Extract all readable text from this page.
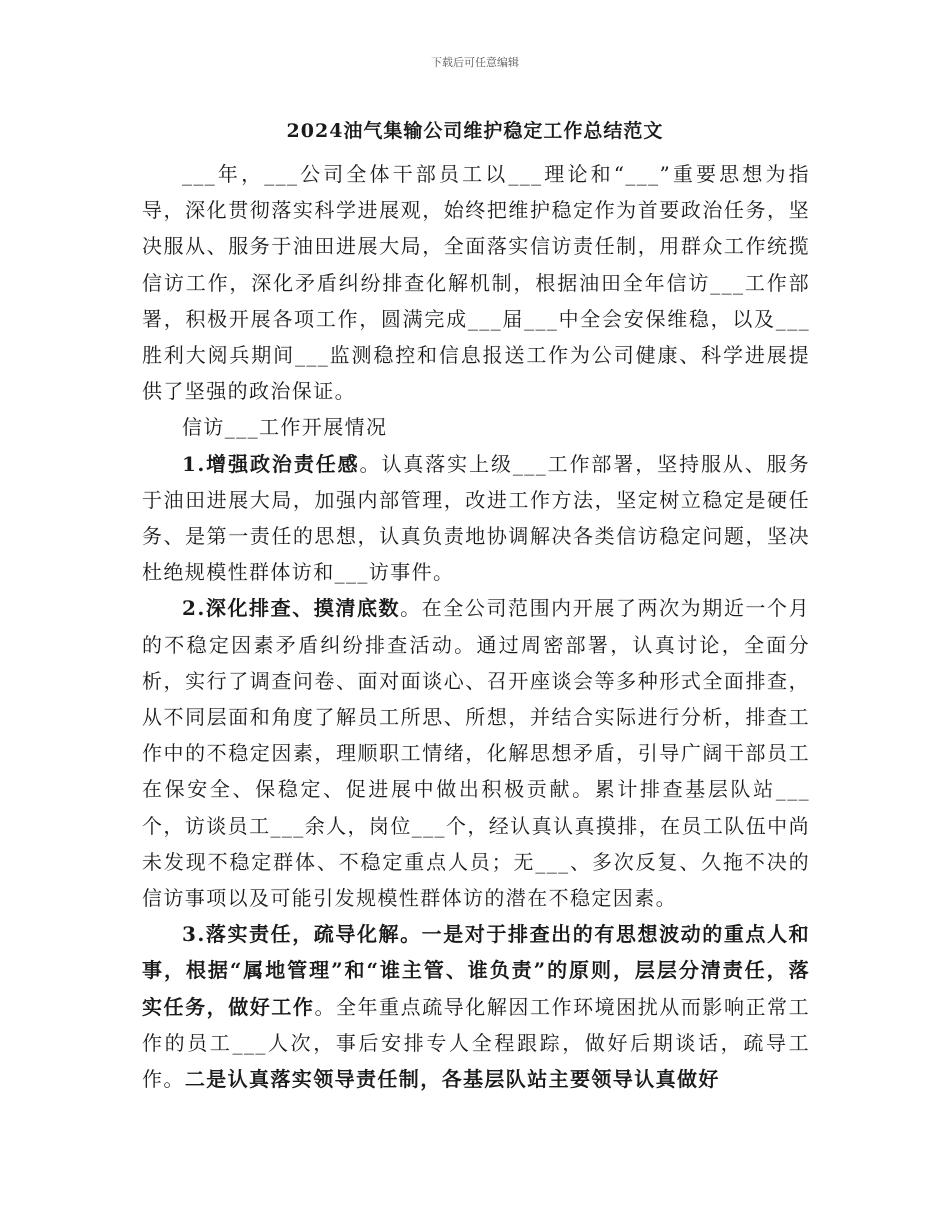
下载后可任意编辑
2024油气集输公司维护稳定工作总结范文

___年，___公司全体干部员工以___理论和“___”重要思想为指导，深化贯彻落实科学进展观，始终把维护稳定作为首要政治任务，坚决服从、服务于油田进展大局，全面落实信访责任制，用群众工作统揽信访工作，深化矛盾纠纷排查化解机制，根据油田全年信访___工作部署，积极开展各项工作，圆满完成___届___中全会安保维稳，以及___胜利大阅兵期间___监测稳控和信息报送工作为公司健康、科学进展提供了坚强的政治保证。

信访___工作开展情况

1.增强政治责任感。认真落实上级___工作部署，坚持服从、服务于油田进展大局，加强内部管理，改进工作方法，坚定树立稳定是硬任务、是第一责任的思想，认真负责地协调解决各类信访稳定问题，坚决杜绝规模性群体访和___访事件。

2.深化排查、摸清底数。在全公司范围内开展了两次为期近一个月的不稳定因素矛盾纠纷排查活动。通过周密部署，认真讨论，全面分析，实行了调查问卷、面对面谈心、召开座谈会等多种形式全面排查，从不同层面和角度了解员工所思、所想，并结合实际进行分析，排查工作中的不稳定因素，理顺职工情绪，化解思想矛盾，引导广阔干部员工在保安全、保稳定、促进展中做出积极贡献。累计排查基层队站___个，访谈员工___余人，岗位___个，经认真认真摸排，在员工队伍中尚未发现不稳定群体、不稳定重点人员；无___、多次反复、久拖不决的信访事项以及可能引发规模性群体访的潜在不稳定因素。

3.落实责任，疏导化解。一是对于排查出的有思想波动的重点人和事，根据“属地管理”和“谁主管、谁负责”的原则，层层分清责任，落实任务，做好工作。全年重点疏导化解因工作环境困扰从而影响正常工作的员工___人次，事后安排专人全程跟踪，做好后期谈话，疏导工作。二是认真落实领导责任制，各基层队站主要领导认真做好
